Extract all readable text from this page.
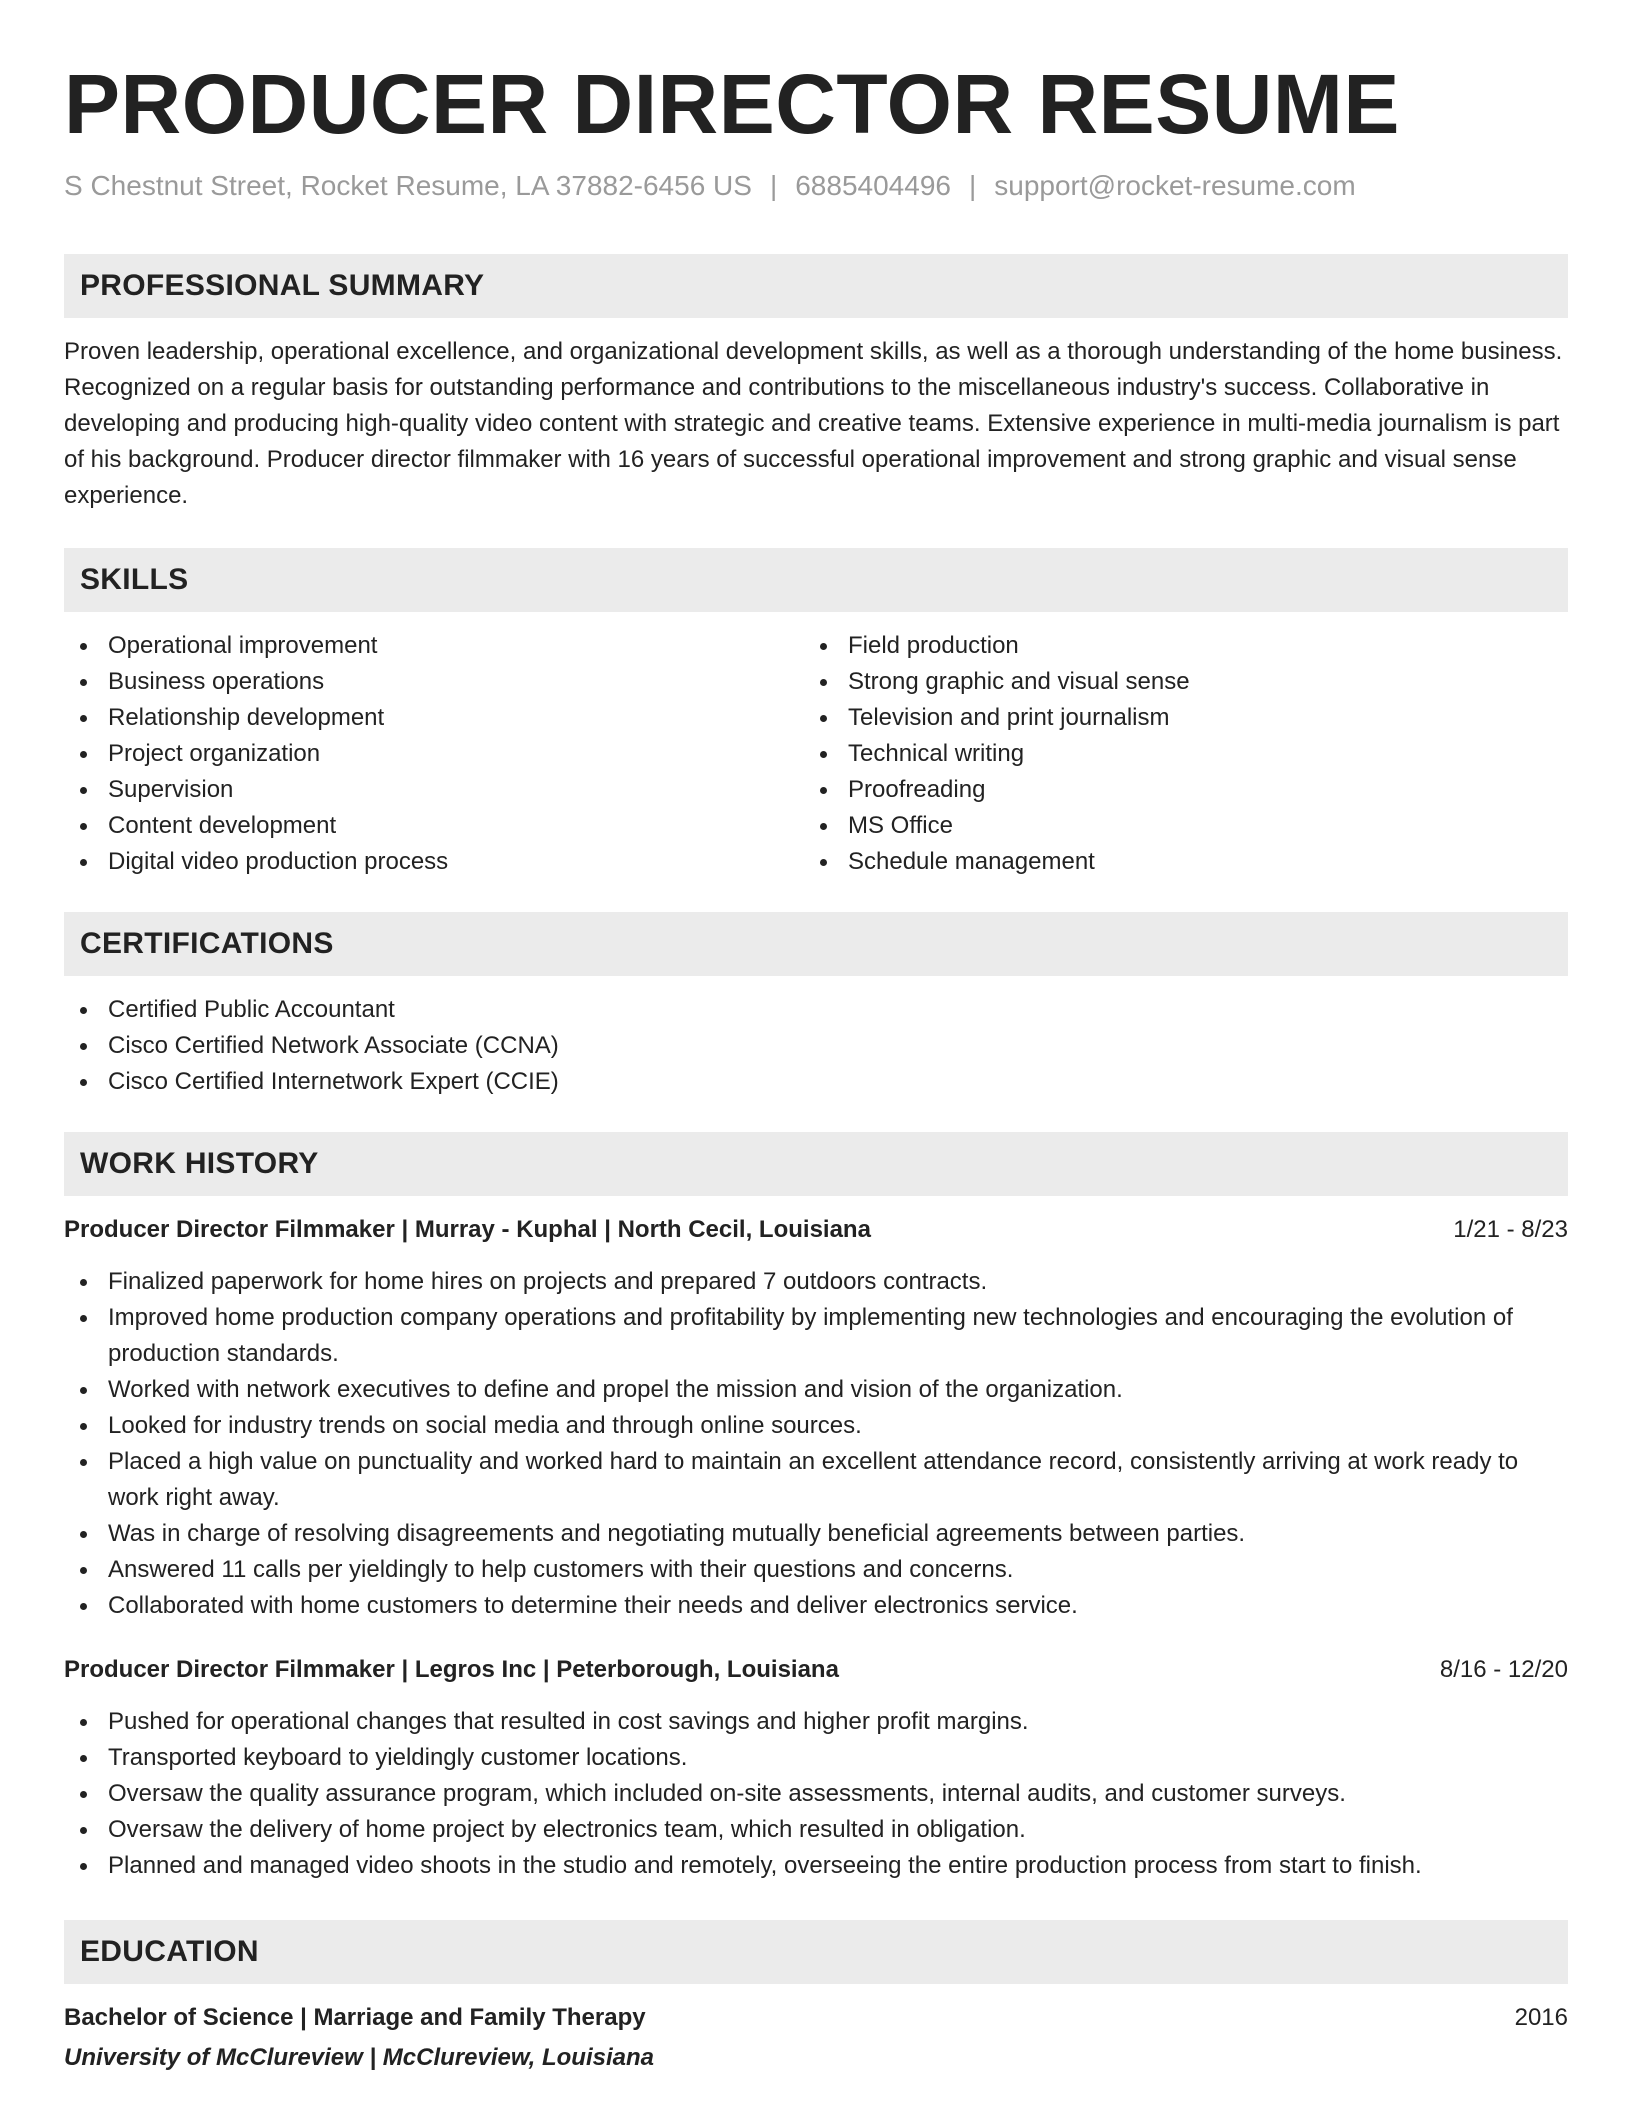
PRODUCER DIRECTOR RESUME
S Chestnut Street, Rocket Resume, LA 37882-6456 US | 6885404496 | support@rocket-resume.com
PROFESSIONAL SUMMARY

Proven leadership, operational excellence, and organizational development skills, as well as a thorough understanding of the home business. Recognized on a regular basis for outstanding performance and contributions to the miscellaneous industry's success. Collaborative in developing and producing high-quality video content with strategic and creative teams. Extensive experience in multi-media journalism is part of his background. Producer director filmmaker with 16 years of successful operational improvement and strong graphic and visual sense experience.

SKILLS
Operational improvement
Business operations
Relationship development
Project organization
Supervision
Content development
Digital video production process
Field production
Strong graphic and visual sense
Television and print journalism
Technical writing
Proofreading
MS Office
Schedule management
CERTIFICATIONS
Certified Public Accountant
Cisco Certified Network Associate (CCNA)
Cisco Certified Internetwork Expert (CCIE)
WORK HISTORY
Producer Director Filmmaker | Murray - Kuphal | North Cecil, Louisiana	1/21 - 8/23
Finalized paperwork for home hires on projects and prepared 7 outdoors contracts.
Improved home production company operations and profitability by implementing new technologies and encouraging the evolution of production standards.
Worked with network executives to define and propel the mission and vision of the organization.
Looked for industry trends on social media and through online sources.
Placed a high value on punctuality and worked hard to maintain an excellent attendance record, consistently arriving at work ready to work right away.
Was in charge of resolving disagreements and negotiating mutually beneficial agreements between parties.
Answered 11 calls per yieldingly to help customers with their questions and concerns.
Collaborated with home customers to determine their needs and deliver electronics service.
Producer Director Filmmaker | Legros Inc | Peterborough, Louisiana	8/16 - 12/20
Pushed for operational changes that resulted in cost savings and higher profit margins.
Transported keyboard to yieldingly customer locations.
Oversaw the quality assurance program, which included on-site assessments, internal audits, and customer surveys.
Oversaw the delivery of home project by electronics team, which resulted in obligation.
Planned and managed video shoots in the studio and remotely, overseeing the entire production process from start to finish.
EDUCATION
Bachelor of Science | Marriage and Family Therapy	2016
University of McClureview | McClureview, Louisiana
